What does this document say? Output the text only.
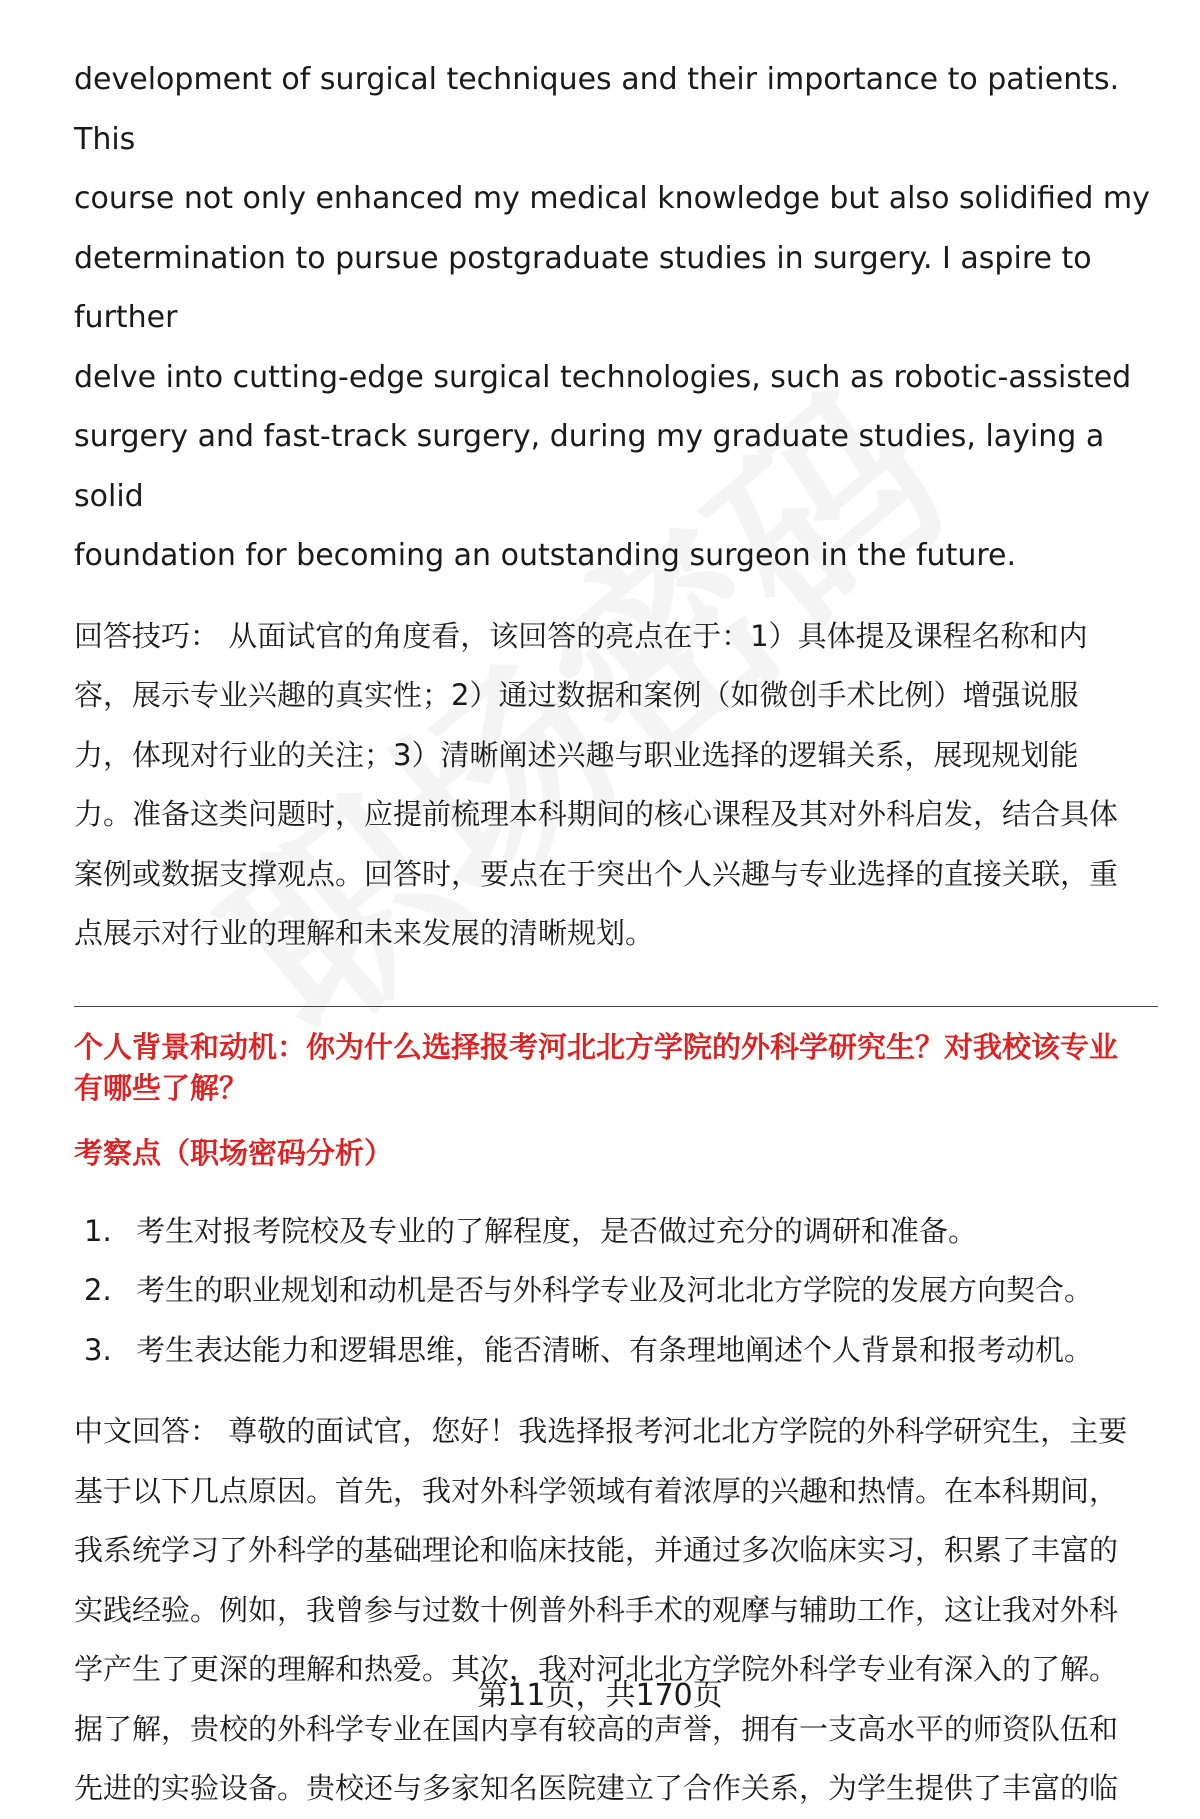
development of surgical techniques and their importance to patients. This
course not only enhanced my medical knowledge but also solidified my
determination to pursue postgraduate studies in surgery. I aspire to further
delve into cutting-edge surgical technologies, such as robotic-assisted
surgery and fast-track surgery, during my graduate studies, laying a solid
foundation for becoming an outstanding surgeon in the future.
回答技巧： 从面试官的角度看，该回答的亮点在于：1）具体提及课程名称和内
容，展示专业兴趣的真实性；2）通过数据和案例（如微创手术比例）增强说服
力，体现对行业的关注；3）清晰阐述兴趣与职业选择的逻辑关系，展现规划能
力。准备这类问题时，应提前梳理本科期间的核心课程及其对外科启发，结合具体
案例或数据支撑观点。回答时，要点在于突出个人兴趣与专业选择的直接关联，重
点展示对行业的理解和未来发展的清晰规划。
个人背景和动机：你为什么选择报考河北北方学院的外科学研究生？对我校该专业
有哪些了解？
考察点（职场密码分析）
1. 考生对报考院校及专业的了解程度，是否做过充分的调研和准备。
2. 考生的职业规划和动机是否与外科学专业及河北北方学院的发展方向契合。
3. 考生表达能力和逻辑思维，能否清晰、有条理地阐述个人背景和报考动机。
中文回答： 尊敬的面试官，您好！我选择报考河北北方学院的外科学研究生，主要
基于以下几点原因。首先，我对外科学领域有着浓厚的兴趣和热情。在本科期间，
我系统学习了外科学的基础理论和临床技能，并通过多次临床实习，积累了丰富的
实践经验。例如，我曾参与过数十例普外科手术的观摩与辅助工作，这让我对外科
学产生了更深的理解和热爱。其次，我对河北北方学院外科学专业有深入的了解。
据了解，贵校的外科学专业在国内享有较高的声誉，拥有一支高水平的师资队伍和
先进的实验设备。贵校还与多家知名医院建立了合作关系，为学生提供了丰富的临
第11页，共170页
